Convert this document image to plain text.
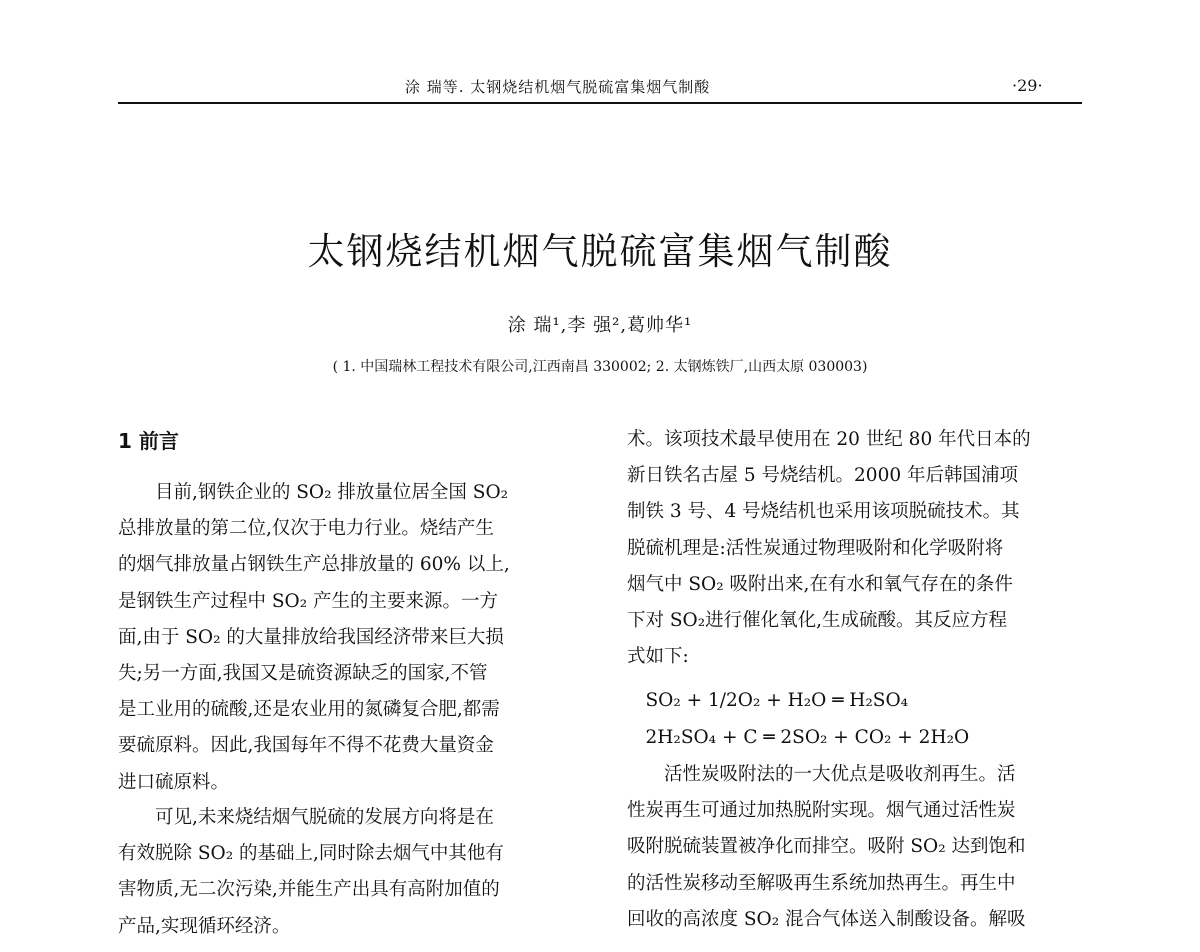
涂 瑞等. 太钢烧结机烟气脱硫富集烟气制酸	·29·
太钢烧结机烟气脱硫富集烟气制酸
涂 瑞¹,李 强²,葛帅华¹
( 1. 中国瑞林工程技术有限公司,江西南昌 330002; 2. 太钢炼铁厂,山西太原 030003)
1 前言
　　目前,钢铁企业的 SO₂ 排放量位居全国 SO₂
总排放量的第二位,仅次于电力行业。烧结产生
的烟气排放量占钢铁生产总排放量的 60% 以上,
是钢铁生产过程中 SO₂ 产生的主要来源。一方
面,由于 SO₂ 的大量排放给我国经济带来巨大损
失;另一方面,我国又是硫资源缺乏的国家,不管
是工业用的硫酸,还是农业用的氮磷复合肥,都需
要硫原料。因此,我国每年不得不花费大量资金
进口硫原料。
　　可见,未来烧结烟气脱硫的发展方向将是在
有效脱除 SO₂ 的基础上,同时除去烟气中其他有
害物质,无二次污染,并能生产出具有高附加值的
产品,实现循环经济。
术。该项技术最早使用在 20 世纪 80 年代日本的
新日铁名古屋 5 号烧结机。2000 年后韩国浦项
制铁 3 号、4 号烧结机也采用该项脱硫技术。其
脱硫机理是:活性炭通过物理吸附和化学吸附将
烟气中 SO₂ 吸附出来,在有水和氧气存在的条件
下对 SO₂进行催化氧化,生成硫酸。其反应方程
式如下:
　SO₂ + 1/2O₂ + H₂O ═ H₂SO₄
　2H₂SO₄ + C ═ 2SO₂ + CO₂ + 2H₂O
　　活性炭吸附法的一大优点是吸收剂再生。活
性炭再生可通过加热脱附实现。烟气通过活性炭
吸附脱硫装置被净化而排空。吸附 SO₂ 达到饱和
的活性炭移动至解吸再生系统加热再生。再生中
回收的高浓度 SO₂ 混合气体送入制酸设备。解吸
